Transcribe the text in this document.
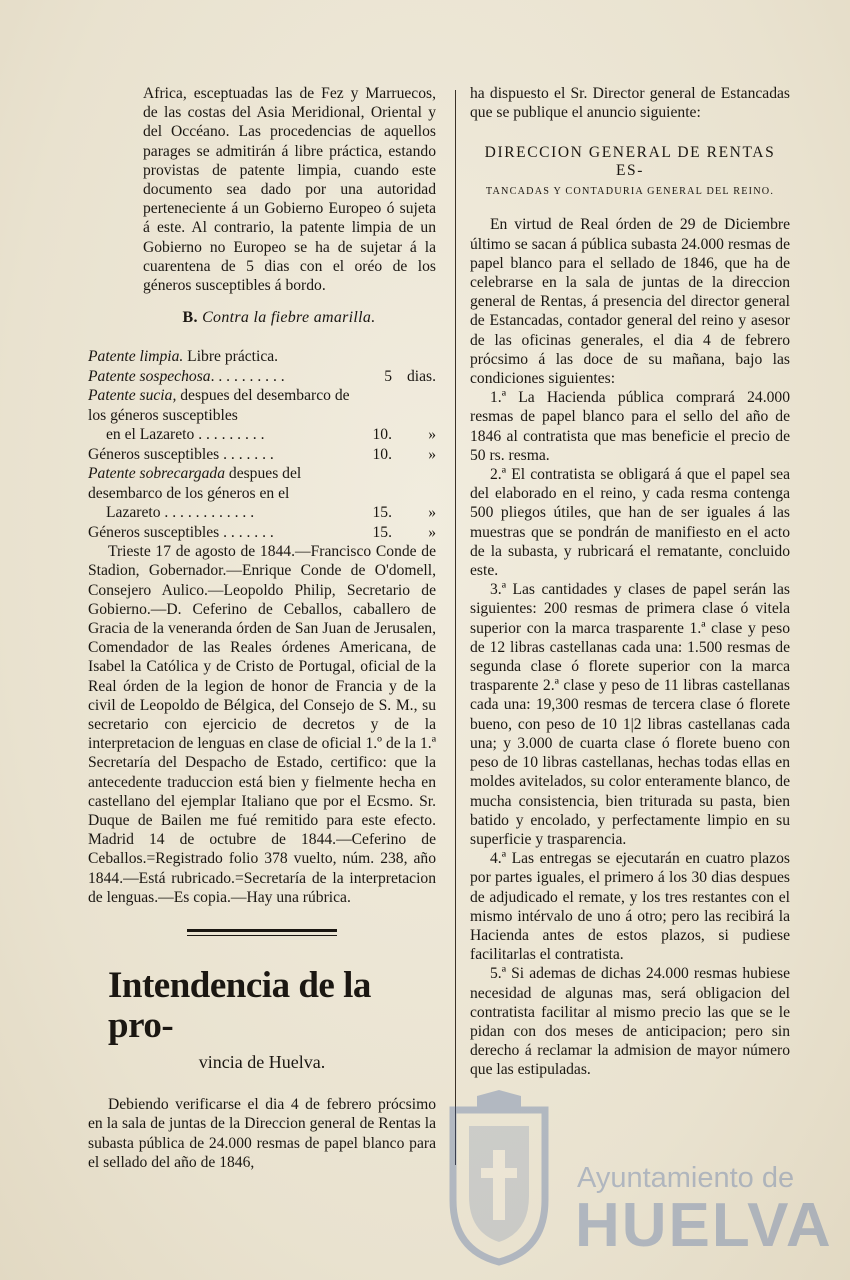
Africa, esceptuadas las de Fez y Marruecos, de las costas del Asia Meridional, Oriental y del Occéano. Las procedencias de aquellos parages se admitirán á libre práctica, estando provistas de patente limpia, cuando este documento sea dado por una autoridad perteneciente á un Gobierno Europeo ó sujeta á este. Al contrario, la patente limpia de un Gobierno no Europeo se ha de sujetar á la cuarentena de 5 dias con el oréo de los géneros susceptibles á bordo.

B. Contra la fiebre amarilla.

Patente limpia. Libre práctica.
Patente sospechosa. . . . . . . . . .	5 dias.
Patente sucia, despues del desembarco de los géneros susceptibles
en el Lazareto . . . . . . . . .	10.	»
Géneros susceptibles . . . . . . .	10.	»
Patente sobrecargada despues del desembarco de los géneros en el
Lazareto . . . . . . . . . . . .	15.	»
Géneros susceptibles . . . . . . .	15.	»

Trieste 17 de agosto de 1844.—Francisco Conde de Stadion, Gobernador.—Enrique Conde de O'domell, Consejero Aulico.—Leopoldo Philip, Secretario de Gobierno.—D. Ceferino de Ceballos, caballero de Gracia de la veneranda órden de San Juan de Jerusalen, Comendador de las Reales órdenes Americana, de Isabel la Católica y de Cristo de Portugal, oficial de la Real órden de la legion de honor de Francia y de la civil de Leopoldo de Bélgica, del Consejo de S. M., su secretario con ejercicio de decretos y de la interpretacion de lenguas en clase de oficial 1.º de la 1.ª Secretaría del Despacho de Estado, certifico: que la antecedente traduccion está bien y fielmente hecha en castellano del ejemplar Italiano que por el Ecsmo. Sr. Duque de Bailen me fué remitido para este efecto. Madrid 14 de octubre de 1844.—Ceferino de Ceballos.=Registrado folio 378 vuelto, núm. 238, año 1844.—Está rubricado.=Secretaría de la interpretacion de lenguas.—Es copia.—Hay una rúbrica.

Intendencia de la pro-
vincia de Huelva.

Debiendo verificarse el dia 4 de febrero prócsimo en la sala de juntas de la Direccion general de Rentas la subasta pública de 24.000 resmas de papel blanco para el sellado del año de 1846,

ha dispuesto el Sr. Director general de Estancadas que se publique el anuncio siguiente:

DIRECCION GENERAL DE RENTAS ES-
TANCADAS Y CONTADURIA GENERAL DEL REINO.

En virtud de Real órden de 29 de Diciembre último se sacan á pública subasta 24.000 resmas de papel blanco para el sellado de 1846, que ha de celebrarse en la sala de juntas de la direccion general de Rentas, á presencia del director general de Estancadas, contador general del reino y asesor de las oficinas generales, el dia 4 de febrero prócsimo á las doce de su mañana, bajo las condiciones siguientes:

1.ª La Hacienda pública comprará 24.000 resmas de papel blanco para el sello del año de 1846 al contratista que mas beneficie el precio de 50 rs. resma.

2.ª El contratista se obligará á que el papel sea del elaborado en el reino, y cada resma contenga 500 pliegos útiles, que han de ser iguales á las muestras que se pondrán de manifiesto en el acto de la subasta, y rubricará el rematante, concluido este.

3.ª Las cantidades y clases de papel serán las siguientes: 200 resmas de primera clase ó vitela superior con la marca trasparente 1.ª clase y peso de 12 libras castellanas cada una: 1.500 resmas de segunda clase ó florete superior con la marca trasparente 2.ª clase y peso de 11 libras castellanas cada una: 19,300 resmas de tercera clase ó florete bueno, con peso de 10 1|2 libras castellanas cada una; y 3.000 de cuarta clase ó florete bueno con peso de 10 libras castellanas, hechas todas ellas en moldes avitelados, su color enteramente blanco, de mucha consistencia, bien triturada su pasta, bien batido y encolado, y perfectamente limpio en su superficie y trasparencia.

4.ª Las entregas se ejecutarán en cuatro plazos por partes iguales, el primero á los 30 dias despues de adjudicado el remate, y los tres restantes con el mismo intérvalo de uno á otro; pero las recibirá la Hacienda antes de estos plazos, si pudiese facilitarlas el contratista.

5.ª Si ademas de dichas 24.000 resmas hubiese necesidad de algunas mas, será obligacion del contratista facilitar al mismo precio las que se le pidan con dos meses de anticipacion; pero sin derecho á reclamar la admision de mayor número que las estipuladas.

Ayuntamiento de
HUELVA
